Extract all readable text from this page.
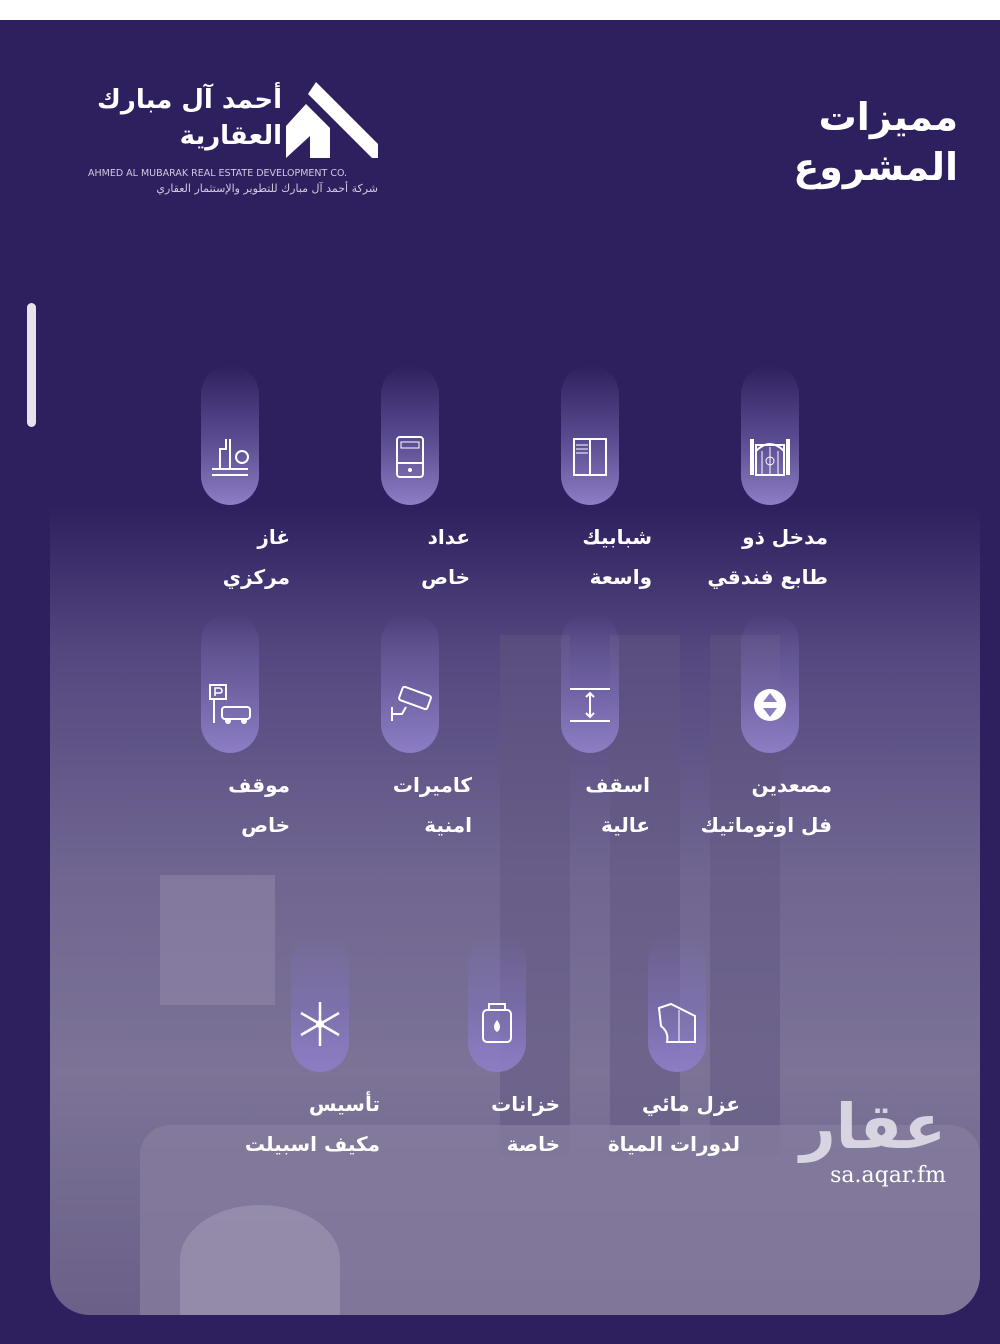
أحمد آل مبارك
العقارية
AHMED AL MUBARAK REAL ESTATE DEVELOPMENT CO.
شركة أحمد آل مبارك للتطوير والإستثمار العقاري
مميزات
المشروع
مدخل ذو
طابع فندقي
شبابيك
واسعة
عداد
خاص
غاز
مركزي
مصعدين
فل اوتوماتيك
اسقف
عالية
كاميرات
امنية
موقف
خاص
عزل مائي
لدورات المياة
خزانات
خاصة
تأسيس
مكيف اسبيلت	عقار
sa.aqar.fm
